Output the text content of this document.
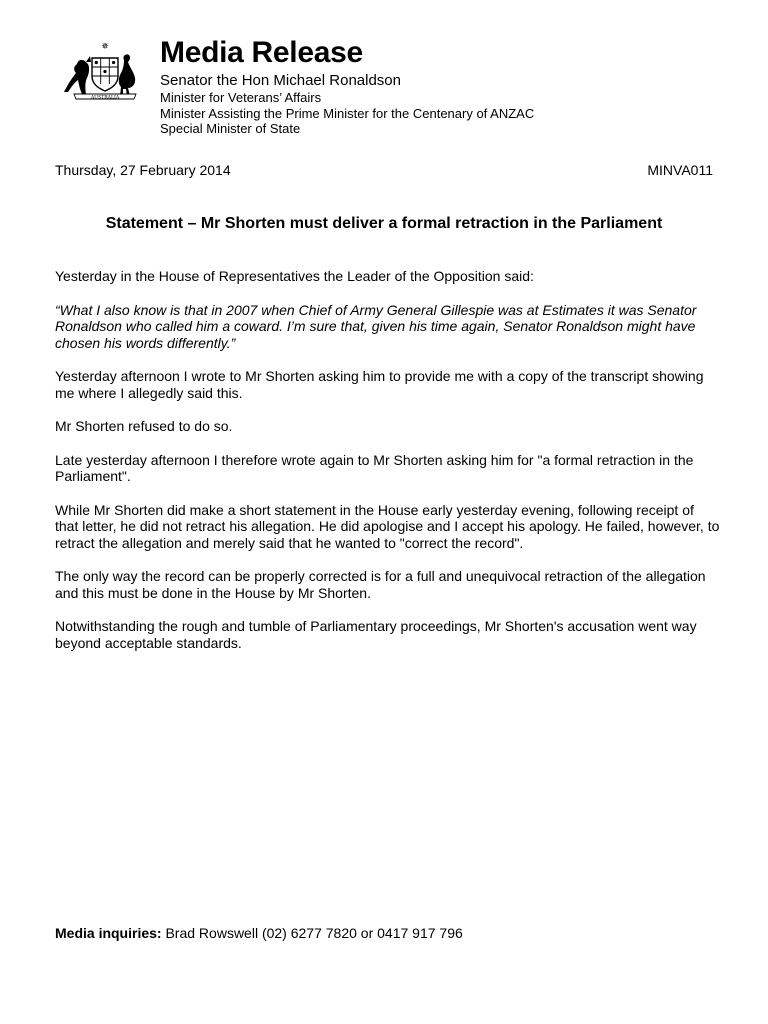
✵
AUSTRALIA
Media Release
Senator the Hon Michael Ronaldson
Minister for Veterans’ Affairs
Minister Assisting the Prime Minister for the Centenary of ANZAC
Special Minister of State
Thursday, 27 February 2014	MINVA011
Statement – Mr Shorten must deliver a formal retraction in the Parliament

Yesterday in the House of Representatives the Leader of the Opposition said:

“What I also know is that in 2007 when Chief of Army General Gillespie was at Estimates it was Senator Ronaldson who called him a coward. I’m sure that, given his time again, Senator Ronaldson might have chosen his words differently.”

Yesterday afternoon I wrote to Mr Shorten asking him to provide me with a copy of the transcript showing me where I allegedly said this.

Mr Shorten refused to do so.

Late yesterday afternoon I therefore wrote again to Mr Shorten asking him for "a formal retraction in the Parliament".

While Mr Shorten did make a short statement in the House early yesterday evening, following receipt of that letter, he did not retract his allegation. He did apologise and I accept his apology. He failed, however, to retract the allegation and merely said that he wanted to "correct the record".

The only way the record can be properly corrected is for a full and unequivocal retraction of the allegation and this must be done in the House by Mr Shorten.

Notwithstanding the rough and tumble of Parliamentary proceedings, Mr Shorten's accusation went way beyond acceptable standards.

Media inquiries: Brad Rowswell (02) 6277 7820 or 0417 917 796
